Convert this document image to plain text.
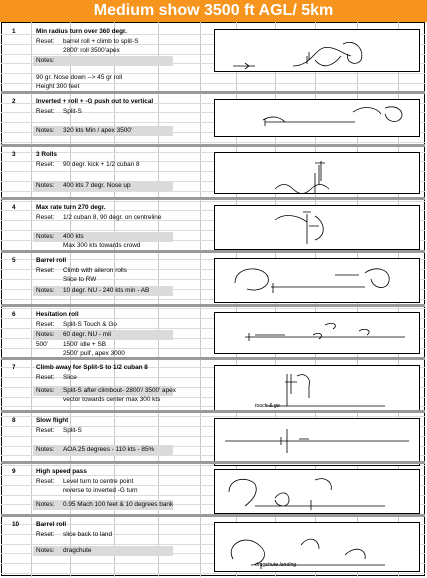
Medium show 3500 ft AGL/ 5km
1	Min radius turn over 360 degr.
Reset: barrel roll + climb to split-S
2800' roll 3500'apex
Notes:
90 gr. Nose down --> 45 gr roll
Height 300 feet
2	Inverted + roll + -G push out to vertical
Reset: Split-S
Notes: 320 kts Min / apex 3500'
3	3 Rolls
Reset: 90 degr. kick + 1/2 cuban 8
Notes: 400 kts 7 degr. Nose up
4	Max rate turn 270 degr.
Reset: 1/2 cuban 8, 90 degr. on centreline
Notes: 400 kts
Max 300 kts towards crowd
5	Barrel roll
Reset: Climb with aileron rolls
Slice to RW
Notes: 10 degr. NU - 240 kts min - AB
6	Hesitation roll
Reset: Split-S Touch & Go
Notes: 60 degr. NU - mil
500' 1500' idle + SB
2500' pull', apex 3000
7	Climb away for Split-S to 1/2 cuban 8
Reset: Slice
Notes: Split-S after climbout- 2800'/ 3500' apex
vector towards center max 300 kts
touch & go
8	Slow flight
Reset: Split-S
Notes: AOA 25 degrees - 110 kts - 85%
9	High speed pass
Reset: Level turn to centre point
reverse to inverted -G turn
Notes: 0.95 Mach 100 feet & 10 degrees bank
10	Barrel roll
Reset: slice back to land
Notes: dragchute
dragchute landing
